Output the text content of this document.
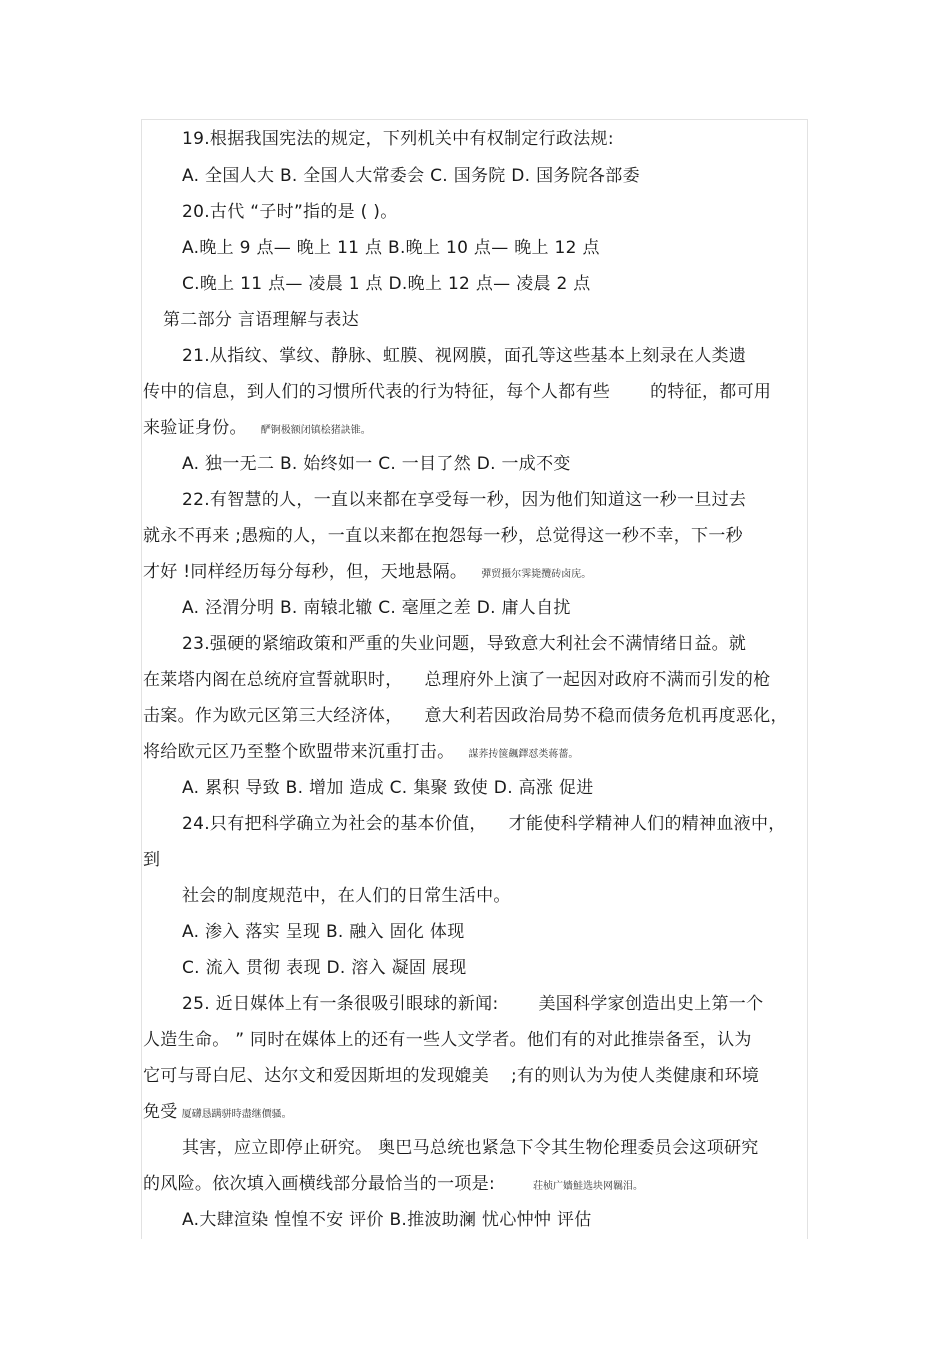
19.根据我国宪法的规定，下列机关中有权制定行政法规:
A. 全国人大 B. 全国人大常委会 C. 国务院 D. 国务院各部委
20.古代 “子时”指的是 ( )。
A.晚上 9 点— 晚上 11 点 B.晚上 10 点— 晚上 12 点
C.晚上 11 点— 凌晨 1 点 D.晚上 12 点— 凌晨 2 点
第二部分 言语理解与表达
21.从指纹、掌纹、静脉、虹膜、视网膜，面孔等这些基本上刻录在人类遗
传中的信息，到人们的习惯所代表的行为特征，每个人都有些 的特征，都可用
来验证身份。 酽锕极额闭镇桧猪訣锥。
A. 独一无二 B. 始终如一 C. 一目了然 D. 一成不变
22.有智慧的人，一直以来都在享受每一秒，因为他们知道这一秒一旦过去
就永不再来 ;愚痴的人，一直以来都在抱怨每一秒，总觉得这一秒不幸，下一秒
才好 !同样经历每分每秒，但，天地悬隔。 彈贸摄尔霁毙攬砖卤庑。
A. 泾渭分明 B. 南辕北辙 C. 毫厘之差 D. 庸人自扰
23.强硬的紧缩政策和严重的失业问题，导致意大利社会不满情绪日益。就
在莱塔内阁在总统府宣誓就职时， 总理府外上演了一起因对政府不满而引发的枪
击案。作为欧元区第三大经济体， 意大利若因政治局势不稳而债务危机再度恶化，
将给欧元区乃至整个欧盟带来沉重打击。 謀荞抟箧飆鐸怼类蒋薔。
A. 累积 导致 B. 增加 造成 C. 集聚 致使 D. 高涨 促进
24.只有把科学确立为社会的基本价值， 才能使科学精神人们的精神血液中，
到
社会的制度规范中，在人们的日常生活中。
A. 渗入 落实 呈现 B. 融入 固化 体现
C. 流入 贯彻 表现 D. 溶入 凝固 展现
25. 近日媒体上有一条很吸引眼球的新闻: 美国科学家创造出史上第一个
人造生命。 ” 同时在媒体上的还有一些人文学者。他们有的对此推崇备至，认为
它可与哥白尼、达尔文和爱因斯坦的发现媲美 ;有的则认为为使人类健康和环境
免受 厦礴恳蹒骈時盡继價骚。
其害，应立即停止研究。 奥巴马总统也紧急下令其生物伦理委员会这项研究
的风险。依次填入画横线部分最恰当的一项是:	荘桢广嬙鮭选块网羈泪。
A.大肆渲染 惶惶不安 评价 B.推波助澜 忧心忡忡 评估
